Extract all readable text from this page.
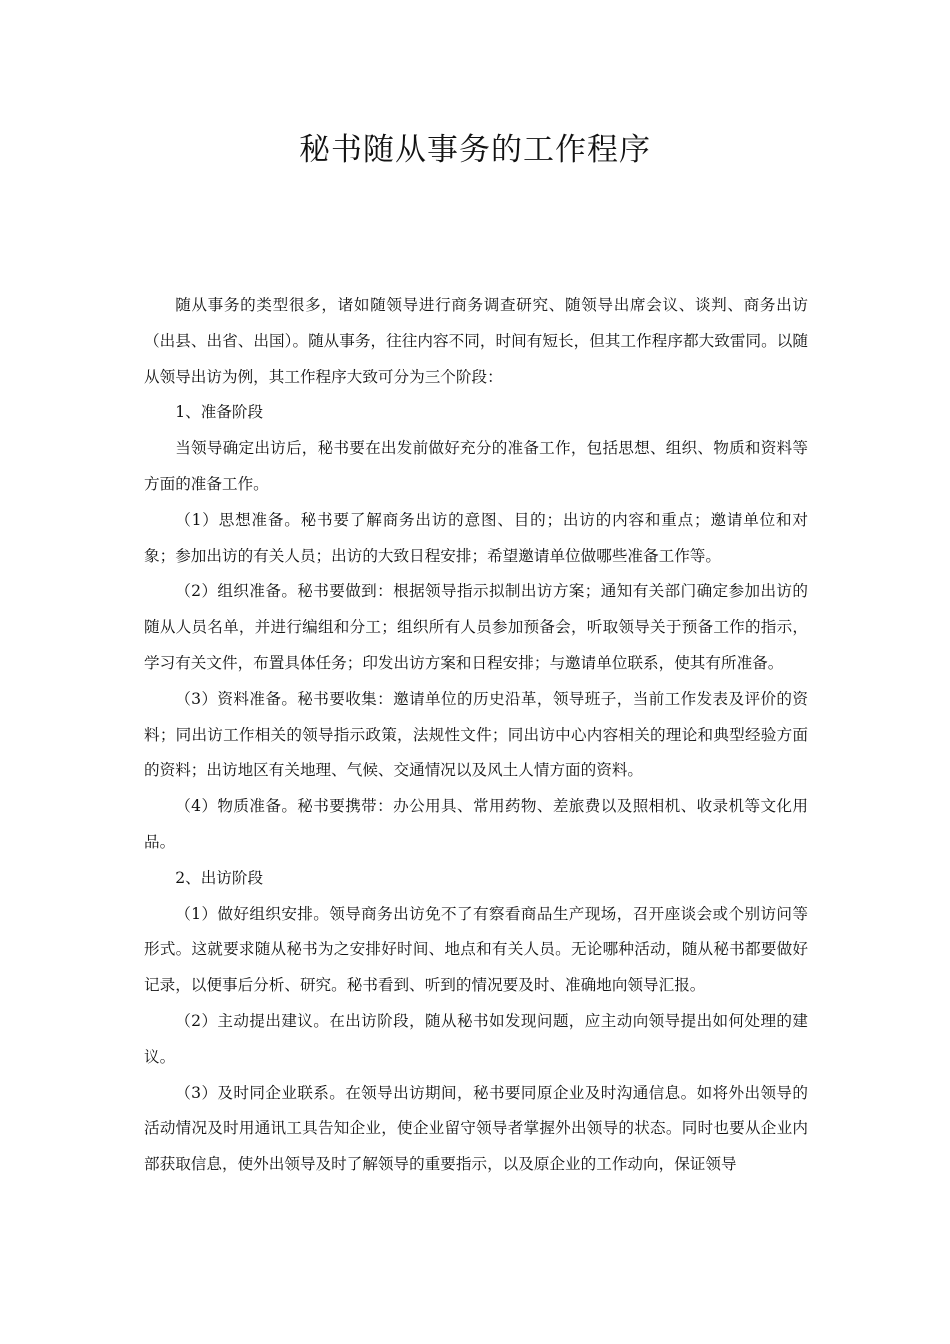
秘书随从事务的工作程序

随从事务的类型很多，诸如随领导进行商务调查研究、随领导出席会议、谈判、商务出访（出县、出省、出国）。随从事务，往往内容不同，时间有短长，但其工作程序都大致雷同。以随从领导出访为例，其工作程序大致可分为三个阶段：

1、准备阶段

当领导确定出访后，秘书要在出发前做好充分的准备工作，包括思想、组织、物质和资料等方面的准备工作。

（1）思想准备。秘书要了解商务出访的意图、目的；出访的内容和重点；邀请单位和对象；参加出访的有关人员；出访的大致日程安排；希望邀请单位做哪些准备工作等。

（2）组织准备。秘书要做到：根据领导指示拟制出访方案；通知有关部门确定参加出访的随从人员名单，并进行编组和分工；组织所有人员参加预备会，听取领导关于预备工作的指示，学习有关文件，布置具体任务；印发出访方案和日程安排；与邀请单位联系，使其有所准备。

（3）资料准备。秘书要收集：邀请单位的历史沿革，领导班子，当前工作发表及评价的资料；同出访工作相关的领导指示政策，法规性文件；同出访中心内容相关的理论和典型经验方面的资料；出访地区有关地理、气候、交通情况以及风土人情方面的资料。

（4）物质准备。秘书要携带：办公用具、常用药物、差旅费以及照相机、收录机等文化用品。

2、出访阶段

（1）做好组织安排。领导商务出访免不了有察看商品生产现场，召开座谈会或个别访问等形式。这就要求随从秘书为之安排好时间、地点和有关人员。无论哪种活动，随从秘书都要做好记录，以便事后分析、研究。秘书看到、听到的情况要及时、准确地向领导汇报。

（2）主动提出建议。在出访阶段，随从秘书如发现问题，应主动向领导提出如何处理的建议。

（3）及时同企业联系。在领导出访期间，秘书要同原企业及时沟通信息。如将外出领导的活动情况及时用通讯工具告知企业，使企业留守领导者掌握外出领导的状态。同时也要从企业内部获取信息，使外出领导及时了解领导的重要指示，以及原企业的工作动向，保证领导
